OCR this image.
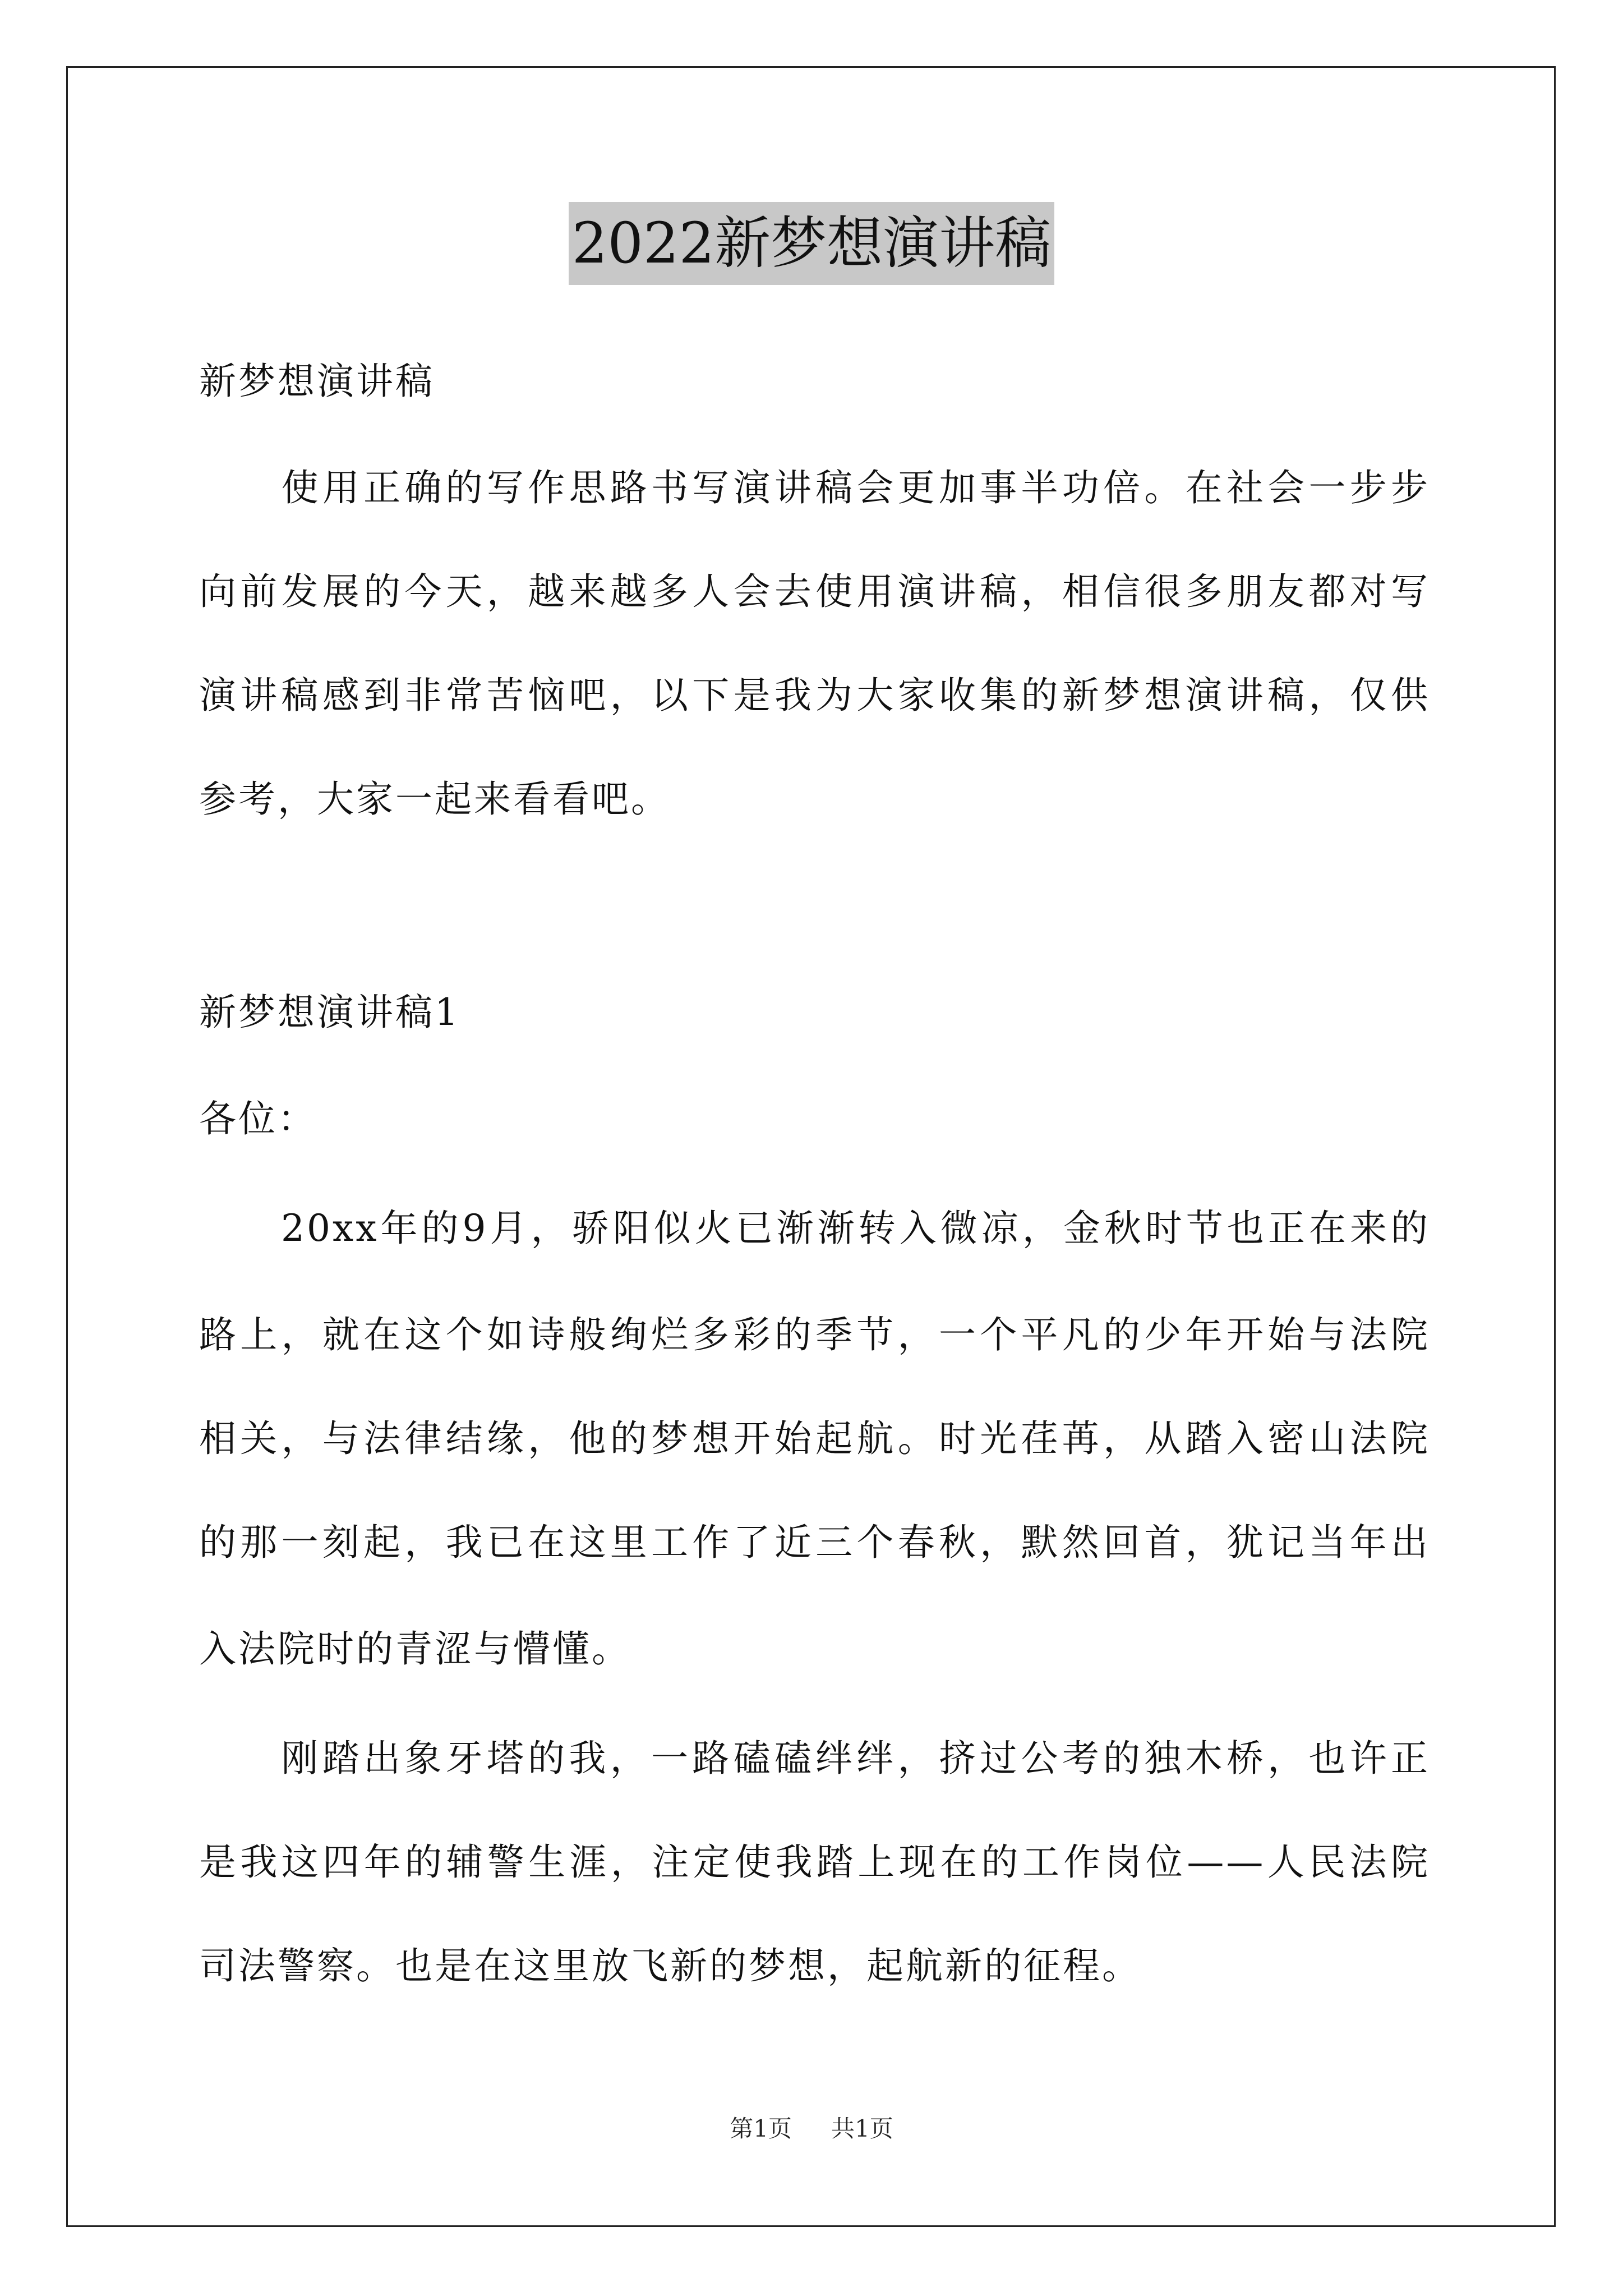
2022新梦想演讲稿
新梦想演讲稿
　　使用正确的写作思路书写演讲稿会更加事半功倍。在社会一步步
向前发展的今天，越来越多人会去使用演讲稿，相信很多朋友都对写
演讲稿感到非常苦恼吧，以下是我为大家收集的新梦想演讲稿，仅供
参考，大家一起来看看吧。
新梦想演讲稿1
各位：
　　20xx年的9月，骄阳似火已渐渐转入微凉，金秋时节也正在来的
路上，就在这个如诗般绚烂多彩的季节，一个平凡的少年开始与法院
相关，与法律结缘，他的梦想开始起航。时光荏苒，从踏入密山法院
的那一刻起，我已在这里工作了近三个春秋，默然回首，犹记当年出
入法院时的青涩与懵懂。
　　刚踏出象牙塔的我，一路磕磕绊绊，挤过公考的独木桥，也许正
是我这四年的辅警生涯，注定使我踏上现在的工作岗位——人民法院
司法警察。也是在这里放飞新的梦想，起航新的征程。
第1页 共1页
